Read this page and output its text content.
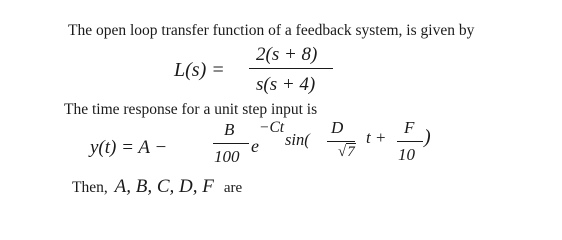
The open loop transfer function of a feedback system, is given by
L(s) =
2(s + 8)
s(s + 4)
The time response for a unit step input is
y(t) = A −
B
100
e
−Ct
sin(
D
√7
t +
F
10
)
Then, A, B, C, D, F are
